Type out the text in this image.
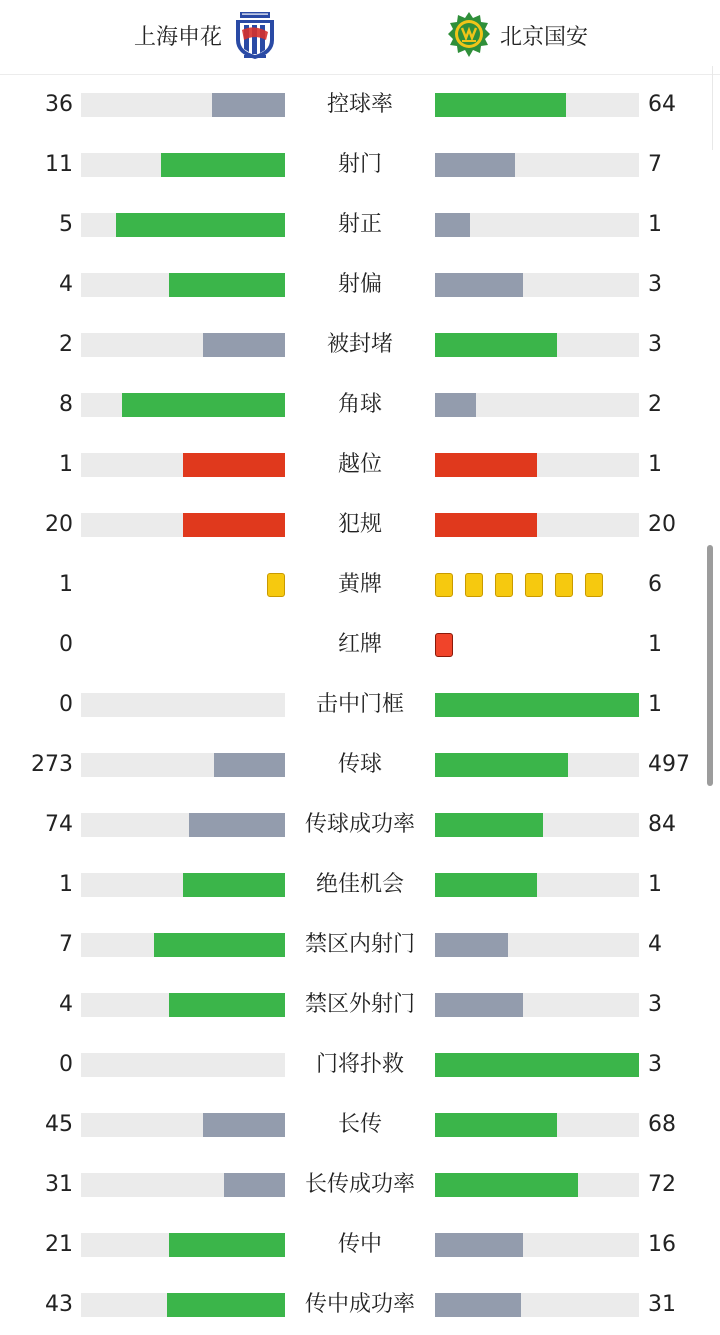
上海申花	北京国安
36	控球率	64
11	射门	7
5	射正	1
4	射偏	3
2	被封堵	3
8	角球	2
1	越位	1
20	犯规	20
1	黄牌	6
0	红牌	1
0	击中门框	1
273	传球	497
74	传球成功率	84
1	绝佳机会	1
7	禁区内射门	4
4	禁区外射门	3
0	门将扑救	3
45	长传	68
31	长传成功率	72
21	传中	16
43	传中成功率	31
